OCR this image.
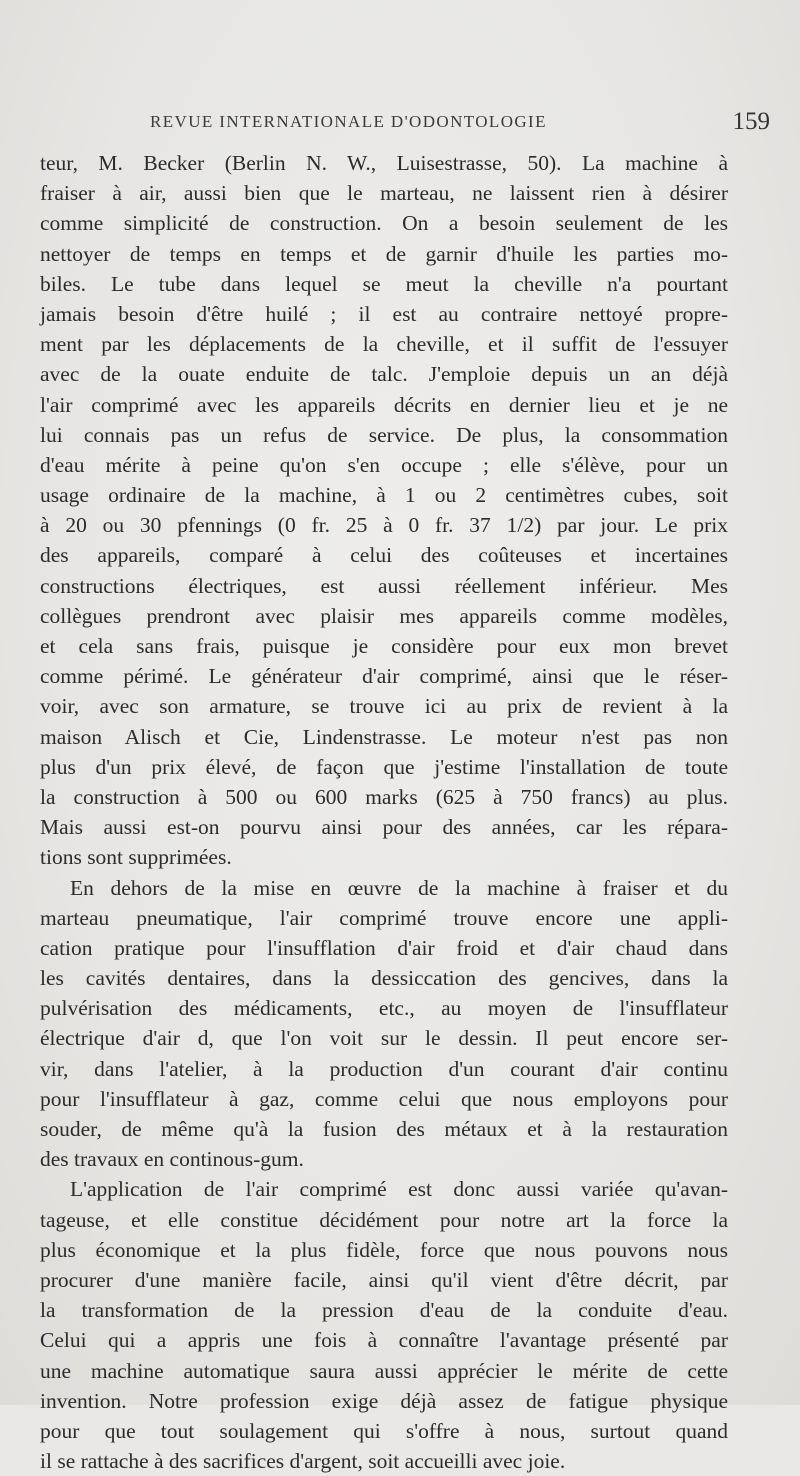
REVUE INTERNATIONALE D'ODONTOLOGIE	159
teur, M. Becker (Berlin N. W., Luisestrasse, 50). La machine à
fraiser à air, aussi bien que le marteau, ne laissent rien à désirer
comme simplicité de construction. On a besoin seulement de les
nettoyer de temps en temps et de garnir d'huile les parties mo-
biles. Le tube dans lequel se meut la cheville n'a pourtant
jamais besoin d'être huilé ; il est au contraire nettoyé propre-
ment par les déplacements de la cheville, et il suffit de l'essuyer
avec de la ouate enduite de talc. J'emploie depuis un an déjà
l'air comprimé avec les appareils décrits en dernier lieu et je ne
lui connais pas un refus de service. De plus, la consommation
d'eau mérite à peine qu'on s'en occupe ; elle s'élève, pour un
usage ordinaire de la machine, à 1 ou 2 centimètres cubes, soit
à 20 ou 30 pfennings (0 fr. 25 à 0 fr. 37 1/2) par jour. Le prix
des appareils, comparé à celui des coûteuses et incertaines
constructions électriques, est aussi réellement inférieur. Mes
collègues prendront avec plaisir mes appareils comme modèles,
et cela sans frais, puisque je considère pour eux mon brevet
comme périmé. Le générateur d'air comprimé, ainsi que le réser-
voir, avec son armature, se trouve ici au prix de revient à la
maison Alisch et Cie, Lindenstrasse. Le moteur n'est pas non
plus d'un prix élevé, de façon que j'estime l'installation de toute
la construction à 500 ou 600 marks (625 à 750 francs) au plus.
Mais aussi est-on pourvu ainsi pour des années, car les répara-
tions sont supprimées.
En dehors de la mise en œuvre de la machine à fraiser et du
marteau pneumatique, l'air comprimé trouve encore une appli-
cation pratique pour l'insufflation d'air froid et d'air chaud dans
les cavités dentaires, dans la dessiccation des gencives, dans la
pulvérisation des médicaments, etc., au moyen de l'insufflateur
électrique d'air d, que l'on voit sur le dessin. Il peut encore ser-
vir, dans l'atelier, à la production d'un courant d'air continu
pour l'insufflateur à gaz, comme celui que nous employons pour
souder, de même qu'à la fusion des métaux et à la restauration
des travaux en continous-gum.
L'application de l'air comprimé est donc aussi variée qu'avan-
tageuse, et elle constitue décidément pour notre art la force la
plus économique et la plus fidèle, force que nous pouvons nous
procurer d'une manière facile, ainsi qu'il vient d'être décrit, par
la transformation de la pression d'eau de la conduite d'eau.
Celui qui a appris une fois à connaître l'avantage présenté par
une machine automatique saura aussi apprécier le mérite de cette
invention. Notre profession exige déjà assez de fatigue physique
pour que tout soulagement qui s'offre à nous, surtout quand
il se rattache à des sacrifices d'argent, soit accueilli avec joie.
